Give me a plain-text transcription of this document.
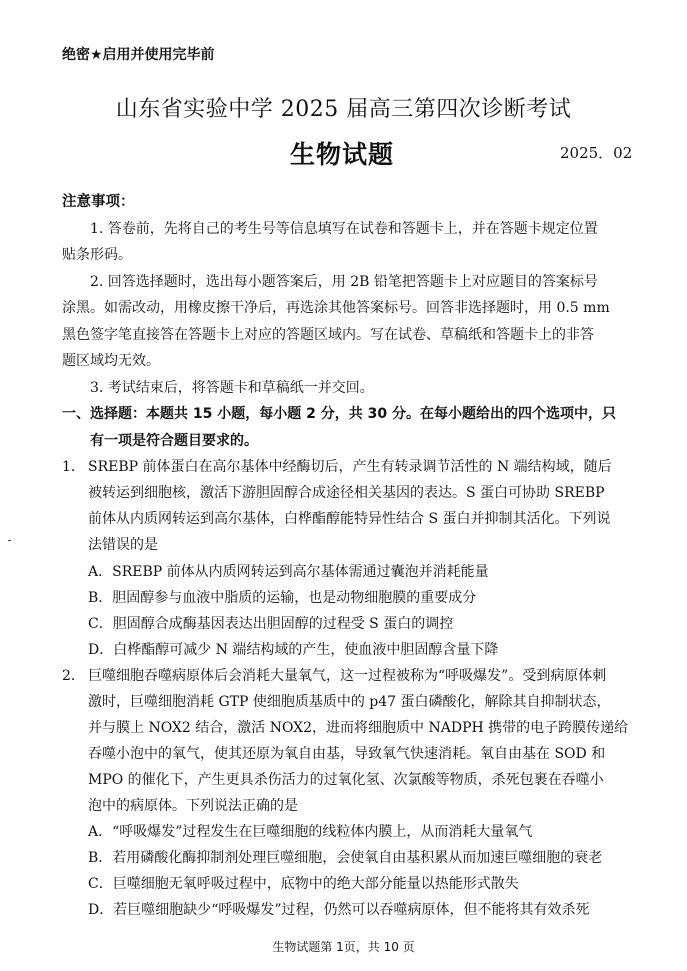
绝密★启用并使用完毕前
山东省实验中学 2025 届高三第四次诊断考试
生物试题	2025．02
注意事项：
1. 答卷前，先将自己的考生号等信息填写在试卷和答题卡上，并在答题卡规定位置
贴条形码。
2. 回答选择题时，选出每小题答案后，用 2B 铅笔把答题卡上对应题目的答案标号
涂黑。如需改动，用橡皮擦干净后，再选涂其他答案标号。回答非选择题时，用 0.5 mm
黑色签字笔直接答在答题卡上对应的答题区域内。写在试卷、草稿纸和答题卡上的非答
题区域均无效。
3. 考试结束后，将答题卡和草稿纸一并交回。
一、选择题：本题共 15 小题，每小题 2 分，共 30 分。在每小题给出的四个选项中，只
有一项是符合题目要求的。
1． SREBP 前体蛋白在高尔基体中经酶切后，产生有转录调节活性的 N 端结构域，随后
被转运到细胞核，激活下游胆固醇合成途径相关基因的表达。S 蛋白可协助 SREBP
前体从内质网转运到高尔基体，白桦酯醇能特异性结合 S 蛋白并抑制其活化。下列说
法错误的是
A．SREBP 前体从内质网转运到高尔基体需通过囊泡并消耗能量
B．胆固醇参与血液中脂质的运输，也是动物细胞膜的重要成分
C．胆固醇合成酶基因表达出胆固醇的过程受 S 蛋白的调控
D．白桦酯醇可减少 N 端结构域的产生，使血液中胆固醇含量下降
2． 巨噬细胞吞噬病原体后会消耗大量氧气，这一过程被称为“呼吸爆发”。受到病原体刺
激时，巨噬细胞消耗 GTP 使细胞质基质中的 p47 蛋白磷酸化，解除其自抑制状态，
并与膜上 NOX2 结合，激活 NOX2，进而将细胞质中 NADPH 携带的电子跨膜传递给
吞噬小泡中的氧气，使其还原为氧自由基，导致氧气快速消耗。氧自由基在 SOD 和
MPO 的催化下，产生更具杀伤活力的过氧化氢、次氯酸等物质，杀死包裹在吞噬小
泡中的病原体。下列说法正确的是
A．“呼吸爆发”过程发生在巨噬细胞的线粒体内膜上，从而消耗大量氧气
B．若用磷酸化酶抑制剂处理巨噬细胞，会使氧自由基积累从而加速巨噬细胞的衰老
C．巨噬细胞无氧呼吸过程中，底物中的绝大部分能量以热能形式散失
D．若巨噬细胞缺少“呼吸爆发”过程，仍然可以吞噬病原体，但不能将其有效杀死
生物试题第 1页，共 10 页
